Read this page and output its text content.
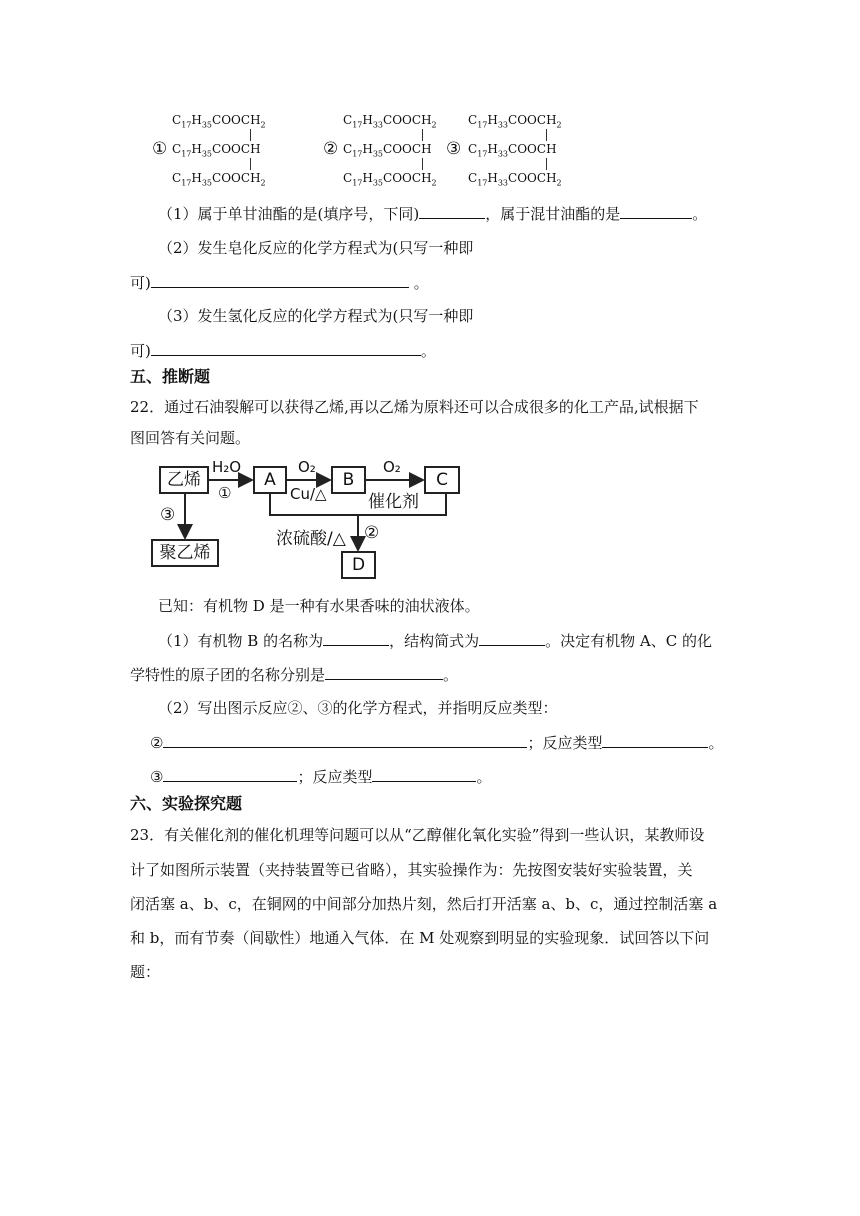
$C_{17}H_{35}COOCH_2$
① $C_{17}H_{35}COOCH$
$C_{17}H_{35}COOCH_2$
$C_{17}H_{33}COOCH_2$
② $C_{17}H_{35}COOCH$
$C_{17}H_{35}COOCH_2$
$C_{17}H_{33}COOCH_2$
③ $C_{17}H_{33}COOCH$
$C_{17}H_{33}COOCH_2$
（1）属于单甘油酯的是(填序号，下同)	，属于混甘油酯的是	。
（2）发生皂化反应的化学方程式为(只写一种即
可)	。
（3）发生氢化反应的化学方程式为(只写一种即
可)	。
五、推断题
22．通过石油裂解可以获得乙烯,再以乙烯为原料还可以合成很多的化工产品,试根据下
图回答有关问题。
乙烯	A	B	C
聚乙烯
D
H₂O
①
O₂
Cu/△
O₂
催化剂
③
浓硫酸/△ ②
已知：有机物 D 是一种有水果香味的油状液体。
（1）有机物 B 的名称为	，结构简式为	。决定有机物 A、C 的化
学特性的原子团的名称分别是	。
（2）写出图示反应②、③的化学方程式，并指明反应类型：
②	；反应类型	。
③	；反应类型	。
六、实验探究题
23．有关催化剂的催化机理等问题可以从“乙醇催化氧化实验”得到一些认识，某教师设
计了如图所示装置（夹持装置等已省略），其实验操作为：先按图安装好实验装置，关
闭活塞 a、b、c，在铜网的中间部分加热片刻，然后打开活塞 a、b、c，通过控制活塞 a
和 b，而有节奏（间歇性）地通入气体．在 M 处观察到明显的实验现象．试回答以下问
题：
